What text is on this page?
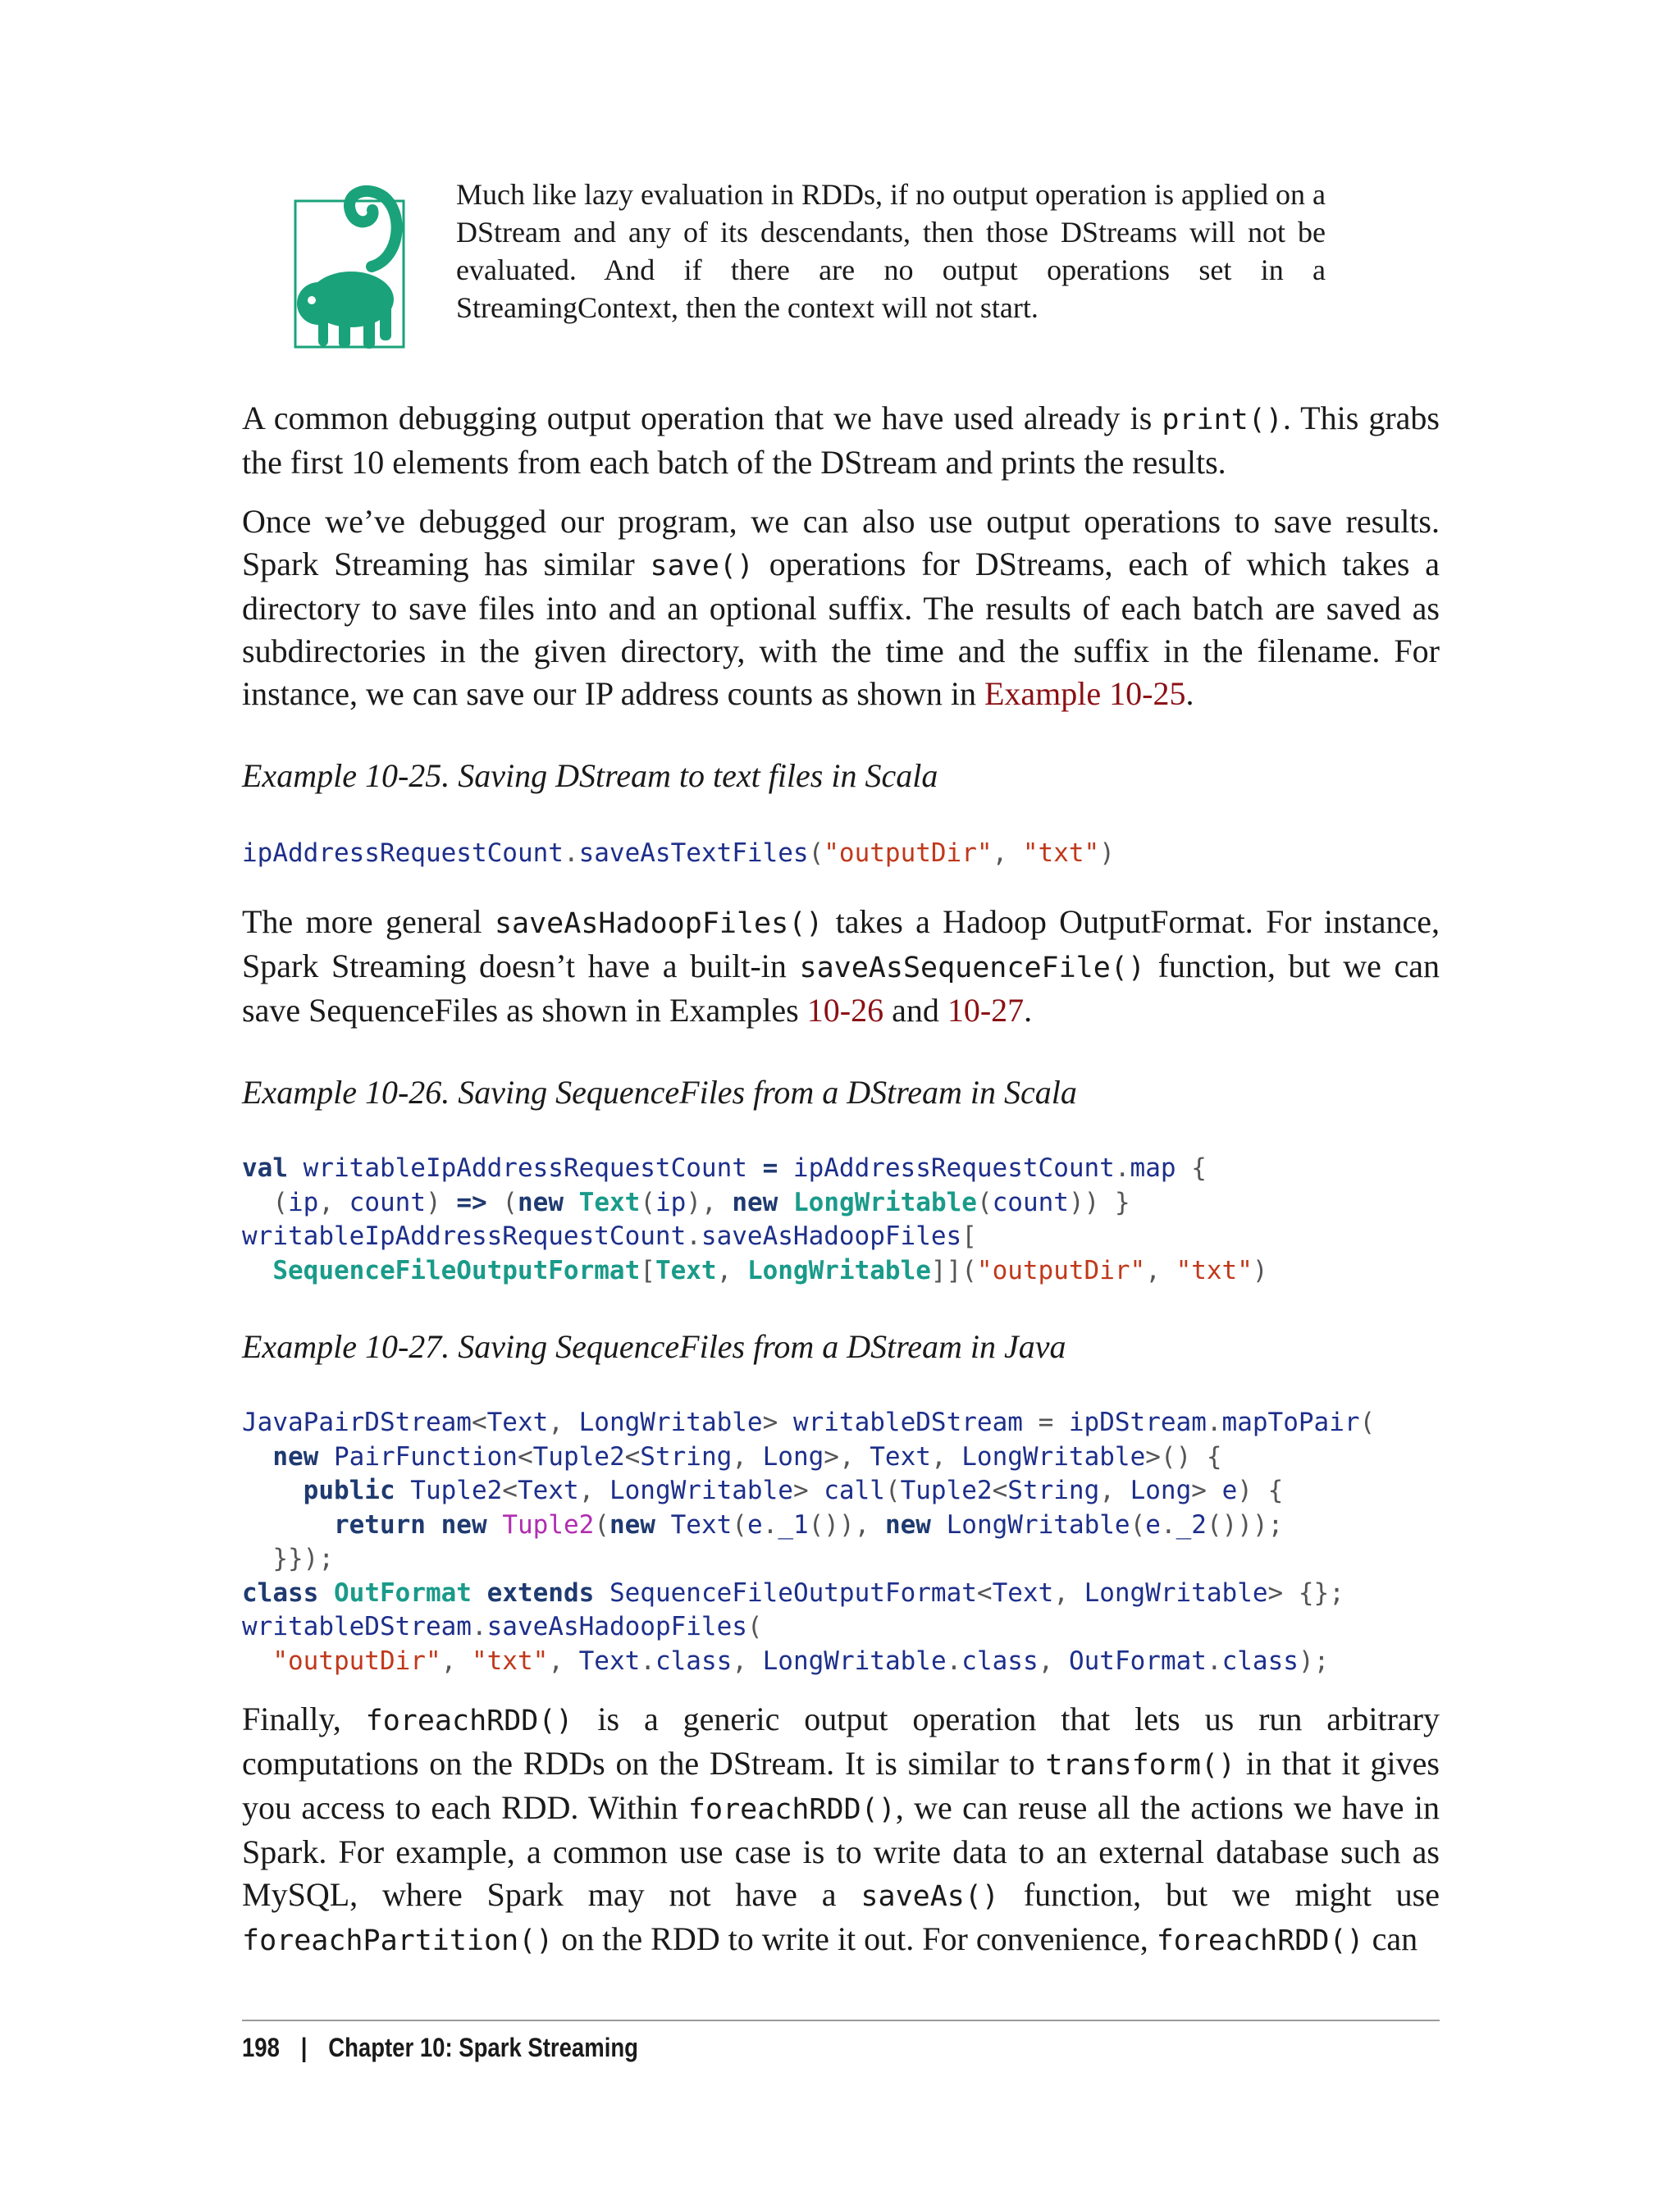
Much like lazy evaluation in RDDs, if no output operation is applied on a DStream and any of its descendants, then those DStreams will not be evaluated. And if there are no output operations set in a StreamingContext, then the context will not start.

A common debugging output operation that we have used already is print(). This grabs the first 10 elements from each batch of the DStream and prints the results.

Once we’ve debugged our program, we can also use output operations to save results. Spark Streaming has similar save() operations for DStreams, each of which takes a directory to save files into and an optional suffix. The results of each batch are saved as subdirectories in the given directory, with the time and the suffix in the filename. For instance, we can save our IP address counts as shown in Example 10-25.

Example 10-25. Saving DStream to text files in Scala

ipAddressRequestCount.saveAsTextFiles("outputDir", "txt")

The more general saveAsHadoopFiles() takes a Hadoop OutputFormat. For instance, Spark Streaming doesn’t have a built-in saveAsSequenceFile() function, but we can save SequenceFiles as shown in Examples 10-26 and 10-27.

Example 10-26. Saving SequenceFiles from a DStream in Scala

val writableIpAddressRequestCount = ipAddressRequestCount.map {
(ip, count) => (new Text(ip), new LongWritable(count)) }
writableIpAddressRequestCount.saveAsHadoopFiles[
SequenceFileOutputFormat[Text, LongWritable]]("outputDir", "txt")

Example 10-27. Saving SequenceFiles from a DStream in Java

JavaPairDStream<Text, LongWritable> writableDStream = ipDStream.mapToPair(
new PairFunction<Tuple2<String, Long>, Text, LongWritable>() {
public Tuple2<Text, LongWritable> call(Tuple2<String, Long> e) {
return new Tuple2(new Text(e._1()), new LongWritable(e._2()));
}});
class OutFormat extends SequenceFileOutputFormat<Text, LongWritable> {};
writableDStream.saveAsHadoopFiles(
"outputDir", "txt", Text.class, LongWritable.class, OutFormat.class);

Finally, foreachRDD() is a generic output operation that lets us run arbitrary computations on the RDDs on the DStream. It is similar to transform() in that it gives you access to each RDD. Within foreachRDD(), we can reuse all the actions we have in Spark. For example, a common use case is to write data to an external database such as MySQL, where Spark may not have a saveAs() function, but we might use foreachPartition() on the RDD to write it out. For convenience, foreachRDD() can

198 | Chapter 10: Spark Streaming
